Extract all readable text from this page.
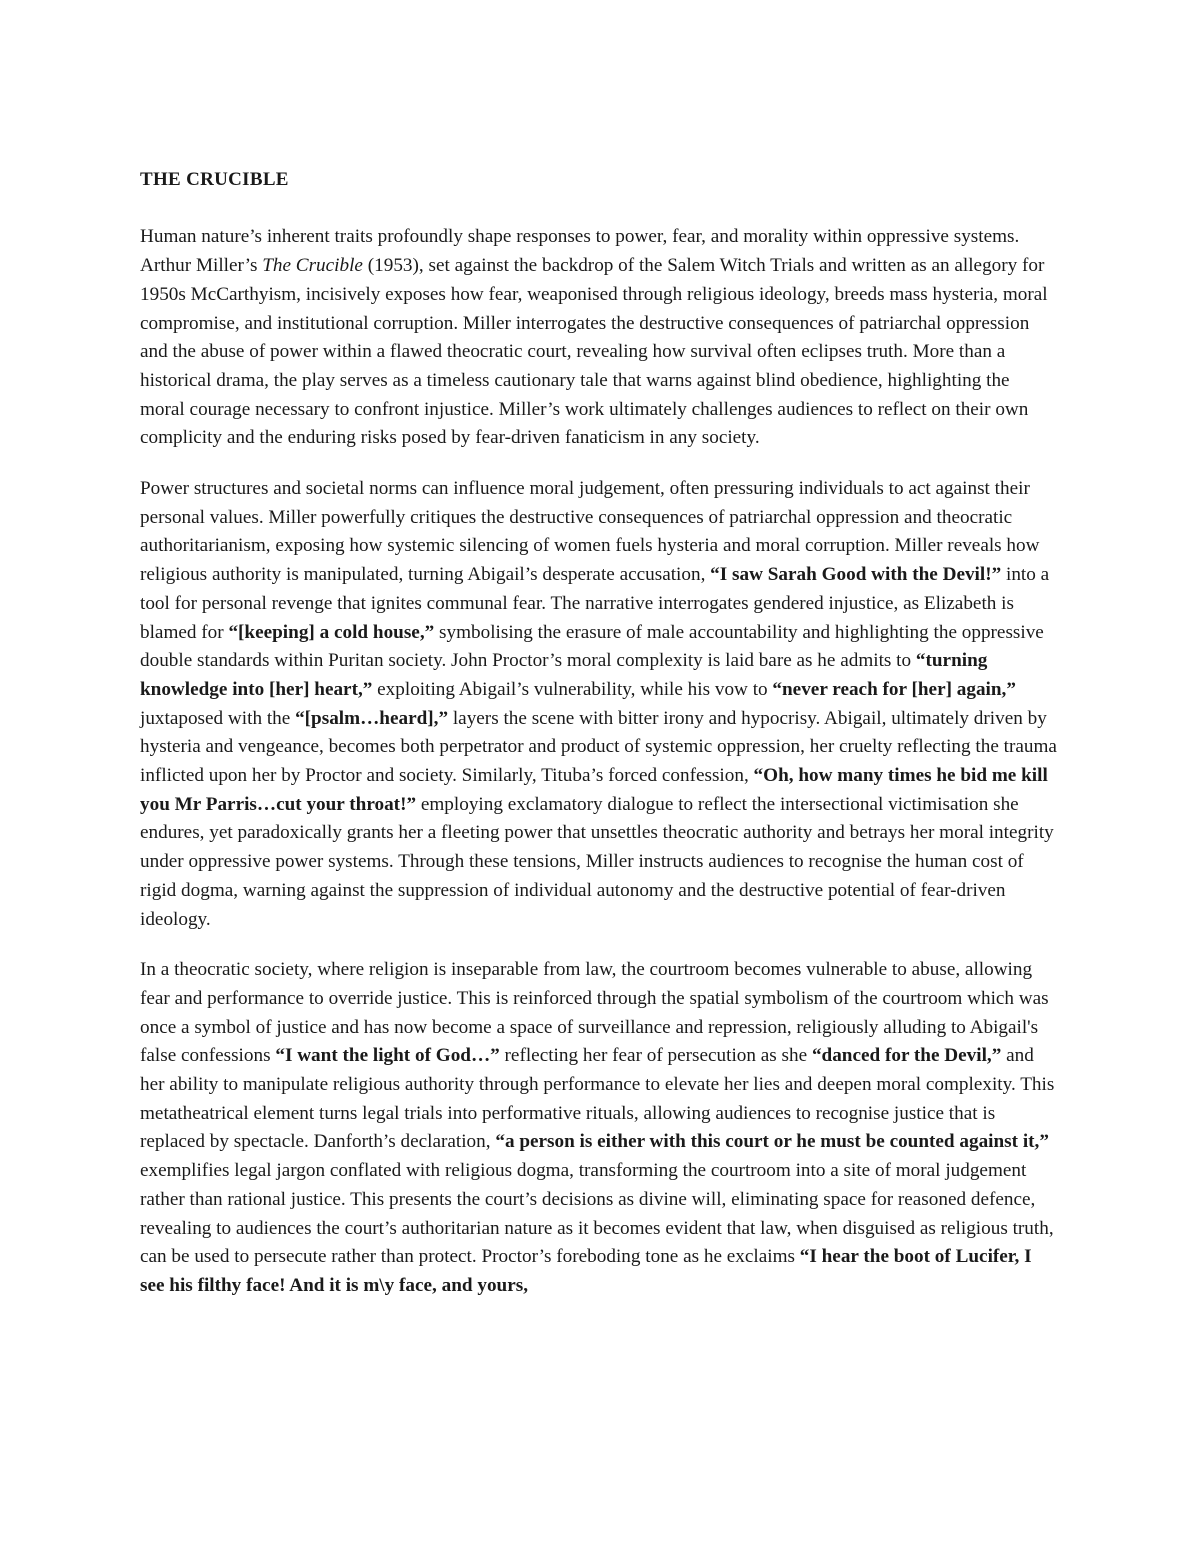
THE CRUCIBLE

Human nature’s inherent traits profoundly shape responses to power, fear, and morality within oppressive systems. Arthur Miller’s The Crucible (1953), set against the backdrop of the Salem Witch Trials and written as an allegory for 1950s McCarthyism, incisively exposes how fear, weaponised through religious ideology, breeds mass hysteria, moral compromise, and institutional corruption. Miller interrogates the destructive consequences of patriarchal oppression and the abuse of power within a flawed theocratic court, revealing how survival often eclipses truth. More than a historical drama, the play serves as a timeless cautionary tale that warns against blind obedience, highlighting the moral courage necessary to confront injustice. Miller’s work ultimately challenges audiences to reflect on their own complicity and the enduring risks posed by fear-driven fanaticism in any society.

Power structures and societal norms can influence moral judgement, often pressuring individuals to act against their personal values. Miller powerfully critiques the destructive consequences of patriarchal oppression and theocratic authoritarianism, exposing how systemic silencing of women fuels hysteria and moral corruption. Miller reveals how religious authority is manipulated, turning Abigail’s desperate accusation, “I saw Sarah Good with the Devil!” into a tool for personal revenge that ignites communal fear. The narrative interrogates gendered injustice, as Elizabeth is blamed for “[keeping] a cold house,” symbolising the erasure of male accountability and highlighting the oppressive double standards within Puritan society. John Proctor’s moral complexity is laid bare as he admits to “turning knowledge into [her] heart,” exploiting Abigail’s vulnerability, while his vow to “never reach for [her] again,” juxtaposed with the “[psalm…heard],” layers the scene with bitter irony and hypocrisy. Abigail, ultimately driven by hysteria and vengeance, becomes both perpetrator and product of systemic oppression, her cruelty reflecting the trauma inflicted upon her by Proctor and society. Similarly, Tituba’s forced confession, “Oh, how many times he bid me kill you Mr Parris…cut your throat!” employing exclamatory dialogue to reflect the intersectional victimisation she endures, yet paradoxically grants her a fleeting power that unsettles theocratic authority and betrays her moral integrity under oppressive power systems. Through these tensions, Miller instructs audiences to recognise the human cost of rigid dogma, warning against the suppression of individual autonomy and the destructive potential of fear-driven ideology.

In a theocratic society, where religion is inseparable from law, the courtroom becomes vulnerable to abuse, allowing fear and performance to override justice. This is reinforced through the spatial symbolism of the courtroom which was once a symbol of justice and has now become a space of surveillance and repression, religiously alluding to Abigail's false confessions “I want the light of God…” reflecting her fear of persecution as she “danced for the Devil,” and her ability to manipulate religious authority through performance to elevate her lies and deepen moral complexity. This metatheatrical element turns legal trials into performative rituals, allowing audiences to recognise justice that is replaced by spectacle. Danforth’s declaration, “a person is either with this court or he must be counted against it,” exemplifies legal jargon conflated with religious dogma, transforming the courtroom into a site of moral judgement rather than rational justice. This presents the court’s decisions as divine will, eliminating space for reasoned defence, revealing to audiences the court’s authoritarian nature as it becomes evident that law, when disguised as religious truth, can be used to persecute rather than protect. Proctor’s foreboding tone as he exclaims “I hear the boot of Lucifer, I see his filthy face! And it is m\y face, and yours,
